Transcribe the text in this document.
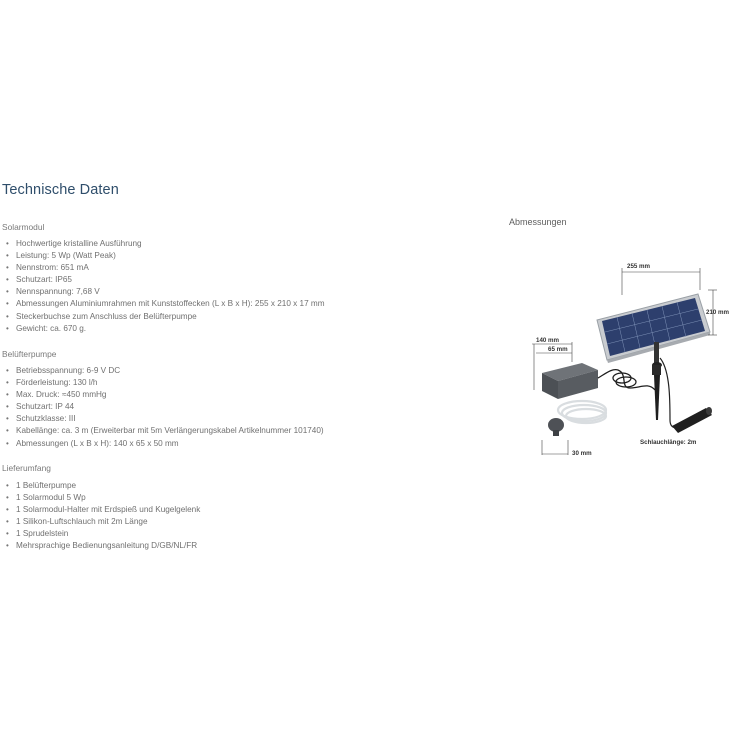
Technische Daten
Solarmodul
• Hochwertige kristalline Ausführung
• Leistung: 5 Wp (Watt Peak)
• Nennstrom: 651 mA
• Schutzart: IP65
• Nennspannung: 7,68 V
• Abmessungen Aluminiumrahmen mit Kunststoffecken (L x B x H): 255 x 210 x 17 mm
• Steckerbuchse zum Anschluss der Belüfterpumpe
• Gewicht: ca. 670 g.
Belüfterpumpe
• Betriebsspannung: 6-9 V DC
• Förderleistung: 130 l/h
• Max. Druck: ≈450 mmHg
• Schutzart: IP 44
• Schutzklasse: III
• Kabellänge: ca. 3 m (Erweiterbar mit 5m Verlängerungskabel Artikelnummer 101740)
• Abmessungen (L x B x H): 140 x 65 x 50 mm
Lieferumfang
• 1 Belüfterpumpe
• 1 Solarmodul 5 Wp
• 1 Solarmodul-Halter mit Erdspieß und Kugelgelenk
• 1 Silikon-Luftschlauch mit 2m Länge
• 1 Sprudelstein
• Mehrsprachige Bedienungsanleitung D/GB/NL/FR
Abmessungen
255 mm
210 mm
140 mm
65 mm
30 mm
Schlauchlänge: 2m
